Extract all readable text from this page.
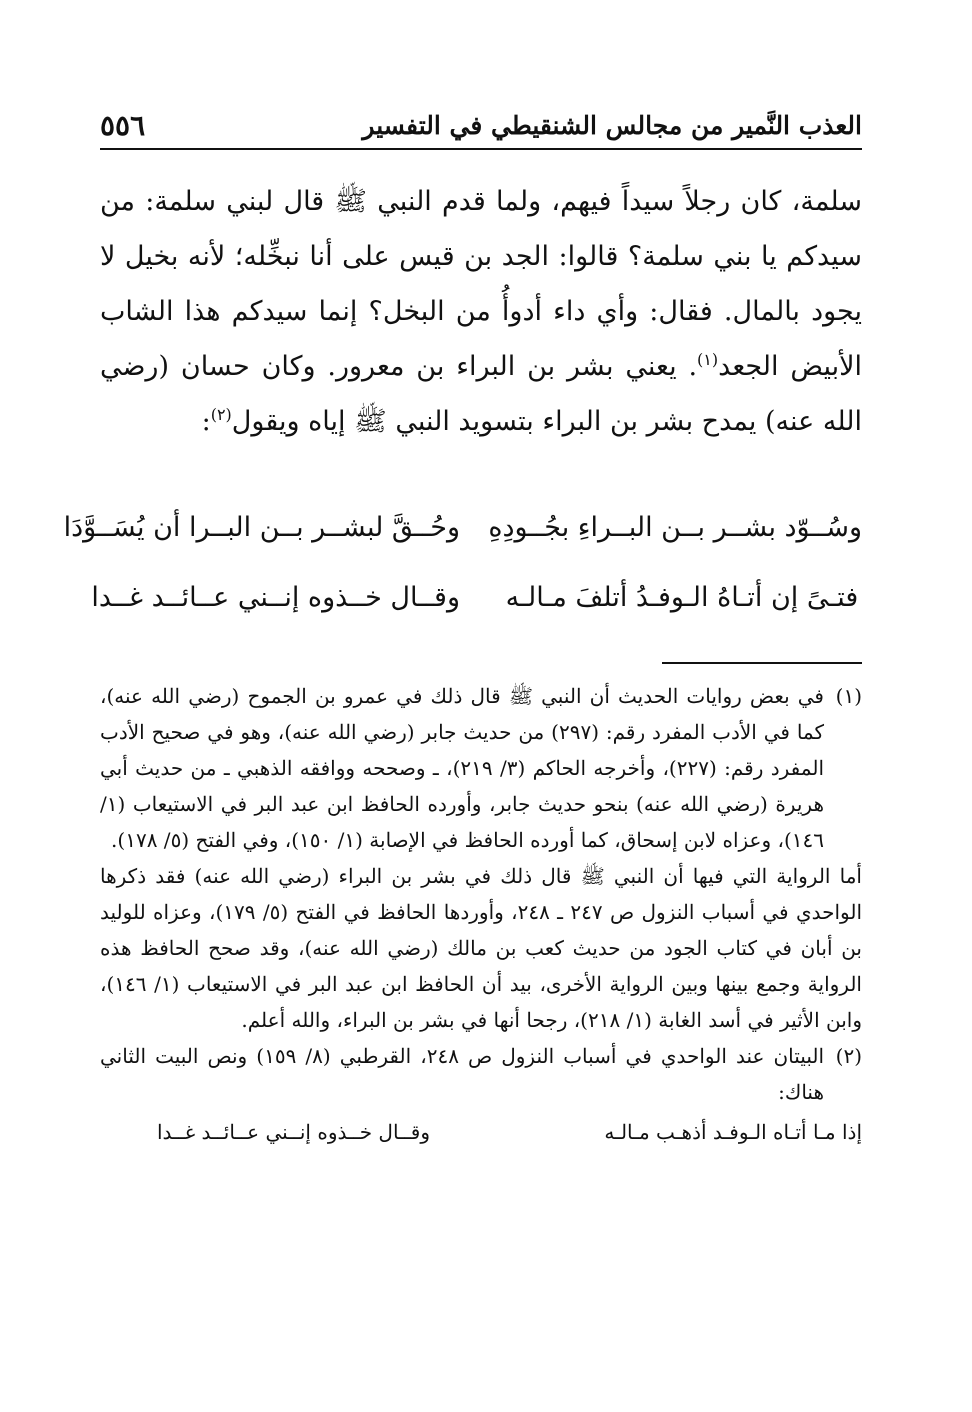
العذب النَّمير من مجالس الشنقيطي في التفسير
٥٥٦

سلمة، كان رجلاً سيداً فيهم، ولما قدم النبي ﷺ قال لبني سلمة: من سيدكم يا بني سلمة؟ قالوا: الجد بن قيس على أنا نبخِّله؛ لأنه بخيل لا يجود بالمال. فقال: وأي داء أدوأُ من البخل؟ إنما سيدكم هذا الشاب الأبيض الجعد$^{(١)}$. يعني بشر بن البراء بن معرور. وكان حسان (رضي الله عنه) يمدح بشر بن البراء بتسويد النبي ﷺ إياه ويقول$^{(٢)}$:

وسُــوّد بشــر بــن البــراءِ بجُــودِهِ
وحُــقَّ لبشــر بــن البــرا أن يُسَــوَّدَا
فتـىً إن أتـاهُ الـوفـدُ أتلفَ مـالـه
وقــال خــذوه إنــني عــائــد غــدا
(١)

في بعض روايات الحديث أن النبي ﷺ قال ذلك في عمرو بن الجموح (رضي الله عنه)، كما في الأدب المفرد رقم: (٢٩٧) من حديث جابر (رضي الله عنه)، وهو في صحيح الأدب المفرد رقم: (٢٢٧)، وأخرجه الحاكم (٣/ ٢١٩)، ـ وصححه ووافقه الذهبي ـ من حديث أبي هريرة (رضي الله عنه) بنحو حديث جابر، وأورده الحافظ ابن عبد البر في الاستيعاب (١/ ١٤٦)، وعزاه لابن إسحاق، كما أورده الحافظ في الإصابة (١/ ١٥٠)، وفي الفتح (٥/ ١٧٨).

أما الرواية التي فيها أن النبي ﷺ قال ذلك في بشر بن البراء (رضي الله عنه) فقد ذكرها الواحدي في أسباب النزول ص ٢٤٧ ـ ٢٤٨، وأوردها الحافظ في الفتح (٥/ ١٧٩)، وعزاه للوليد بن أبان في كتاب الجود من حديث كعب بن مالك (رضي الله عنه)، وقد صحح الحافظ هذه الرواية وجمع بينها وبين الرواية الأخرى، بيد أن الحافظ ابن عبد البر في الاستيعاب (١/ ١٤٦)، وابن الأثير في أسد الغابة (١/ ٢١٨)، رجحا أنها في بشر بن البراء، والله أعلم.

(٢)

البيتان عند الواحدي في أسباب النزول ص ٢٤٨، القرطبي (٨/ ١٥٩) ونص البيت الثاني هناك:

إذا مـا أتـاه الـوفـد أذهـب مـالـه
وقــال خــذوه إنــني عــائــد غــدا
